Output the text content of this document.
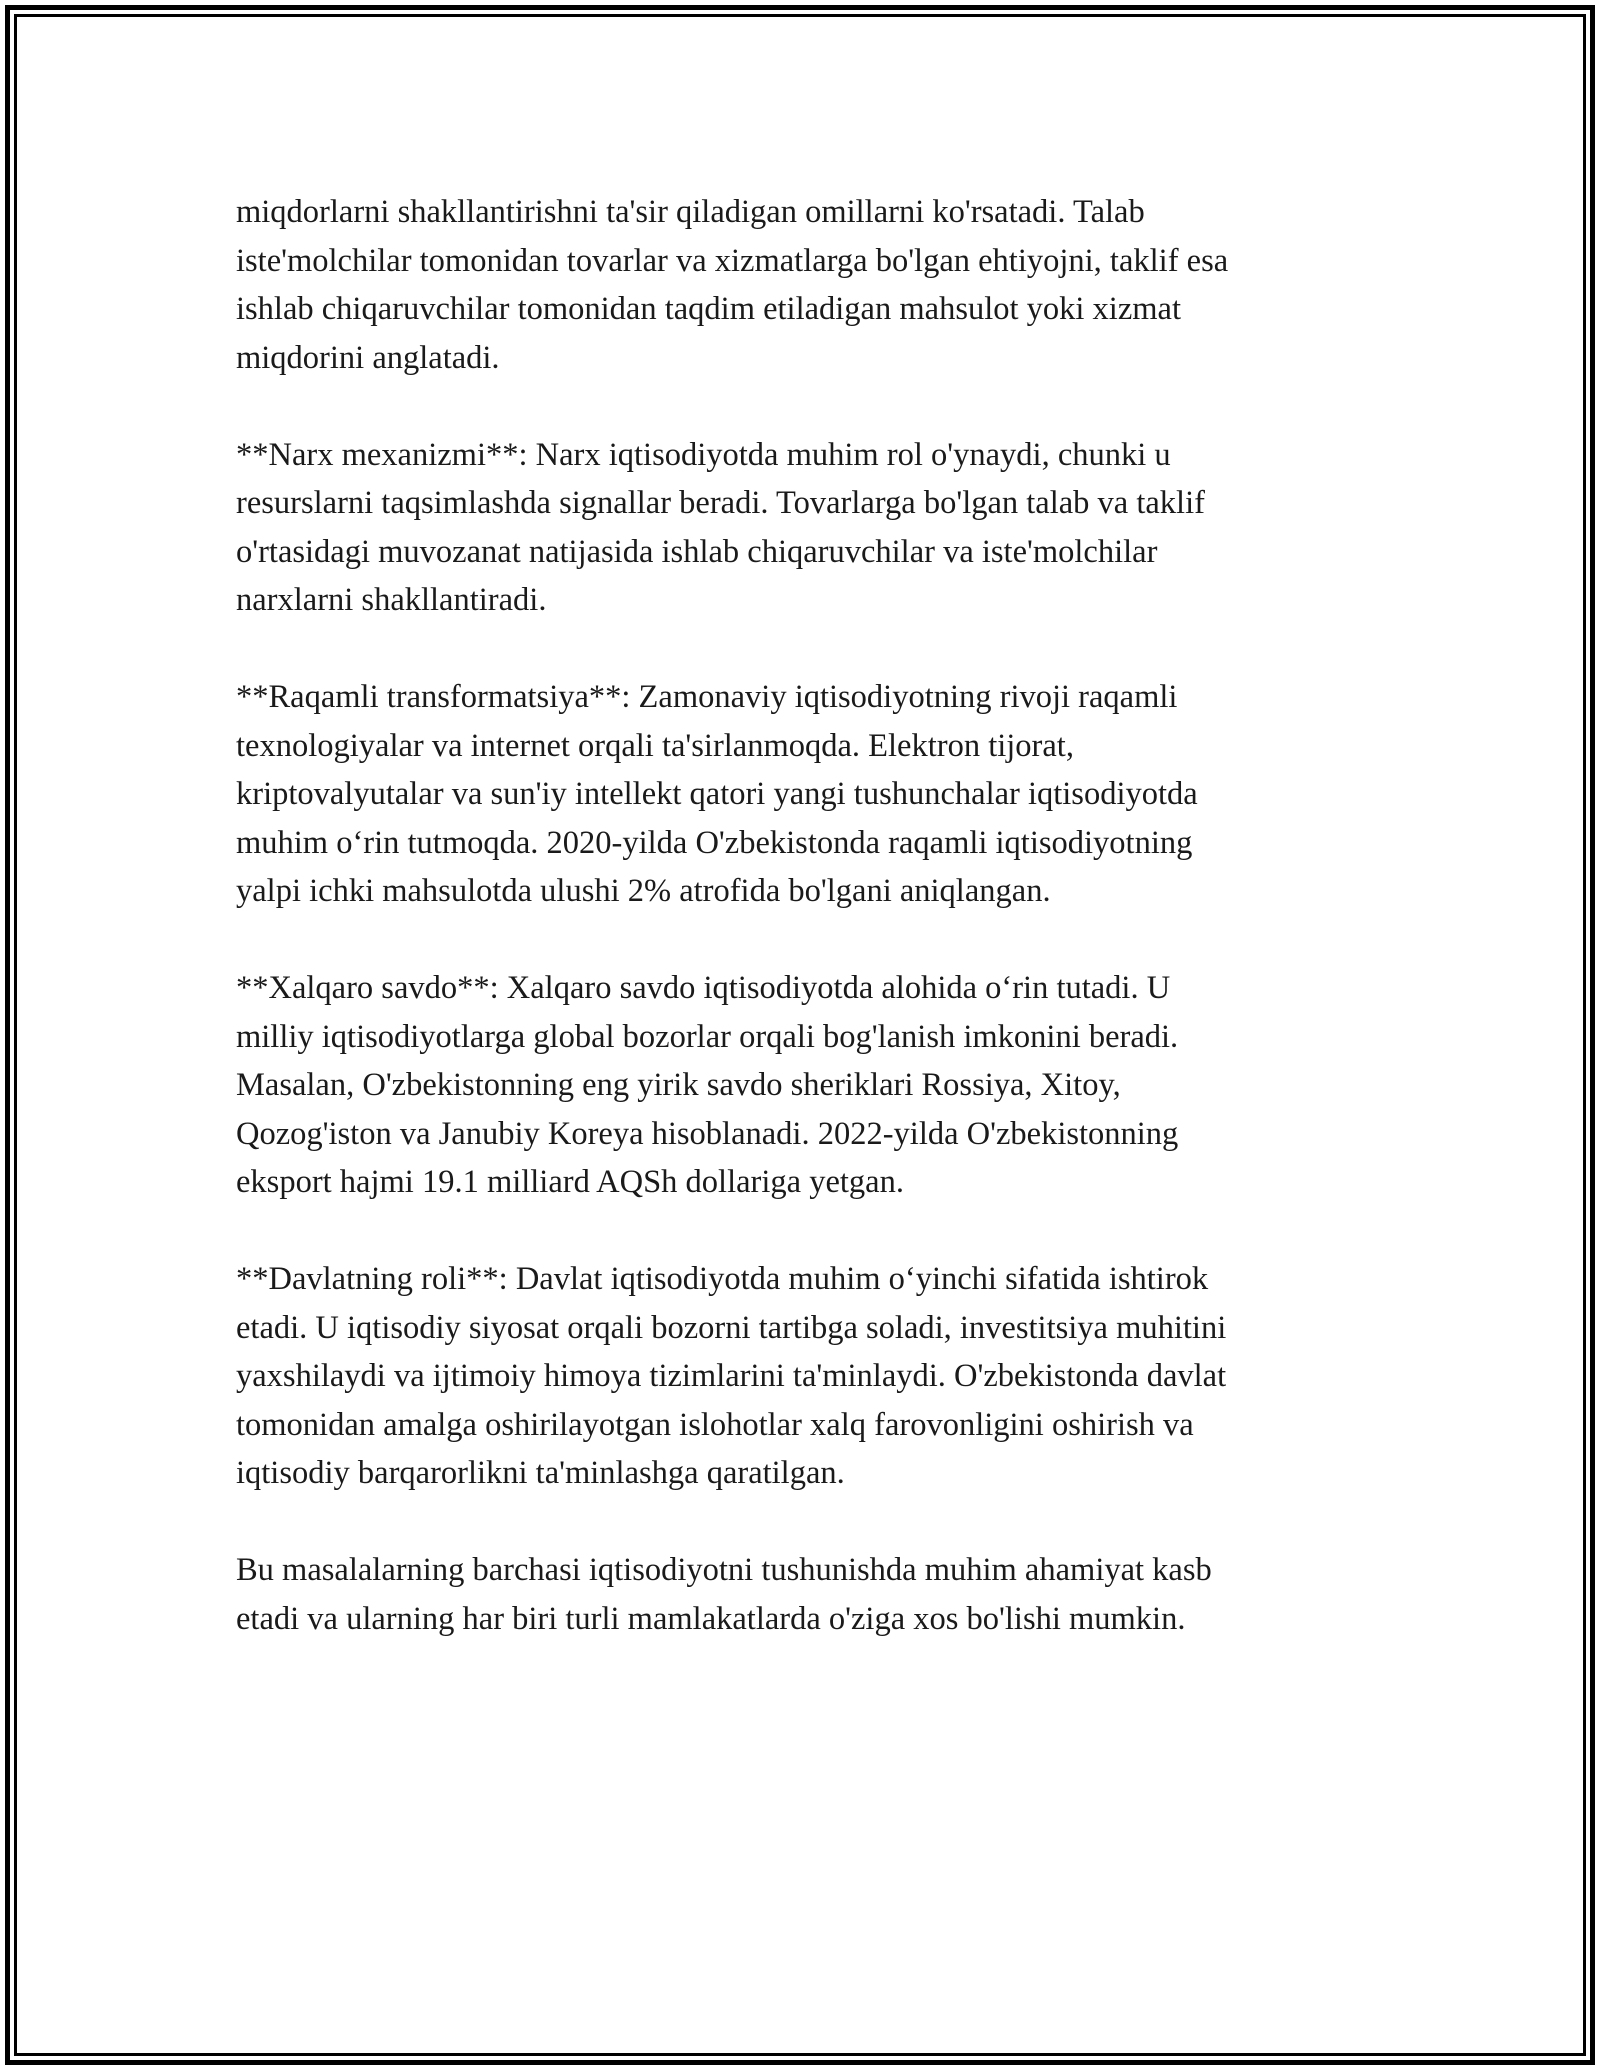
miqdorlarni shakllantirishni ta'sir qiladigan omillarni ko'rsatadi. Talab
istе'molchilar tomonidan tovarlar va xizmatlarga bo'lgan ehtiyojni, taklif esa
ishlab chiqaruvchilar tomonidan taqdim etiladigan mahsulot yoki xizmat
miqdorini anglatadi.

**Narx mexanizmi**: Narx iqtisodiyotda muhim rol o'ynaydi, chunki u
resurslarni taqsimlashda signallar beradi. Tovarlarga bo'lgan talab va taklif
o'rtasidagi muvozanat natijasida ishlab chiqaruvchilar va iste'molchilar
narxlarni shakllantiradi.

**Raqamli transformatsiya**: Zamonaviy iqtisodiyotning rivoji raqamli
texnologiyalar va internet orqali ta'sirlanmoqda. Elektron tijorat,
kriptovalyutalar va sun'iy intellekt qatori yangi tushunchalar iqtisodiyotda
muhim o‘rin tutmoqda. 2020-yilda O'zbekistonda raqamli iqtisodiyotning
yalpi ichki mahsulotda ulushi 2% atrofida bo'lgani aniqlangan.

**Xalqaro savdo**: Xalqaro savdo iqtisodiyotda alohida o‘rin tutadi. U
milliy iqtisodiyotlarga global bozorlar orqali bog'lanish imkonini beradi.
Masalan, O'zbekistonning eng yirik savdo sheriklari Rossiya, Xitoy,
Qozog'iston va Janubiy Koreya hisoblanadi. 2022-yilda O'zbekistonning
eksport hajmi 19.1 milliard AQSh dollariga yetgan.

**Davlatning roli**: Davlat iqtisodiyotda muhim o‘yinchi sifatida ishtirok
etadi. U iqtisodiy siyosat orqali bozorni tartibga soladi, investitsiya muhitini
yaxshilaydi va ijtimoiy himoya tizimlarini ta'minlaydi. O'zbekistonda davlat
tomonidan amalga oshirilayotgan islohotlar xalq farovonligini oshirish va
iqtisodiy barqarorlikni ta'minlashga qaratilgan.

Bu masalalarning barchasi iqtisodiyotni tushunishda muhim ahamiyat kasb
etadi va ularning har biri turli mamlakatlarda o'ziga xos bo'lishi mumkin.
